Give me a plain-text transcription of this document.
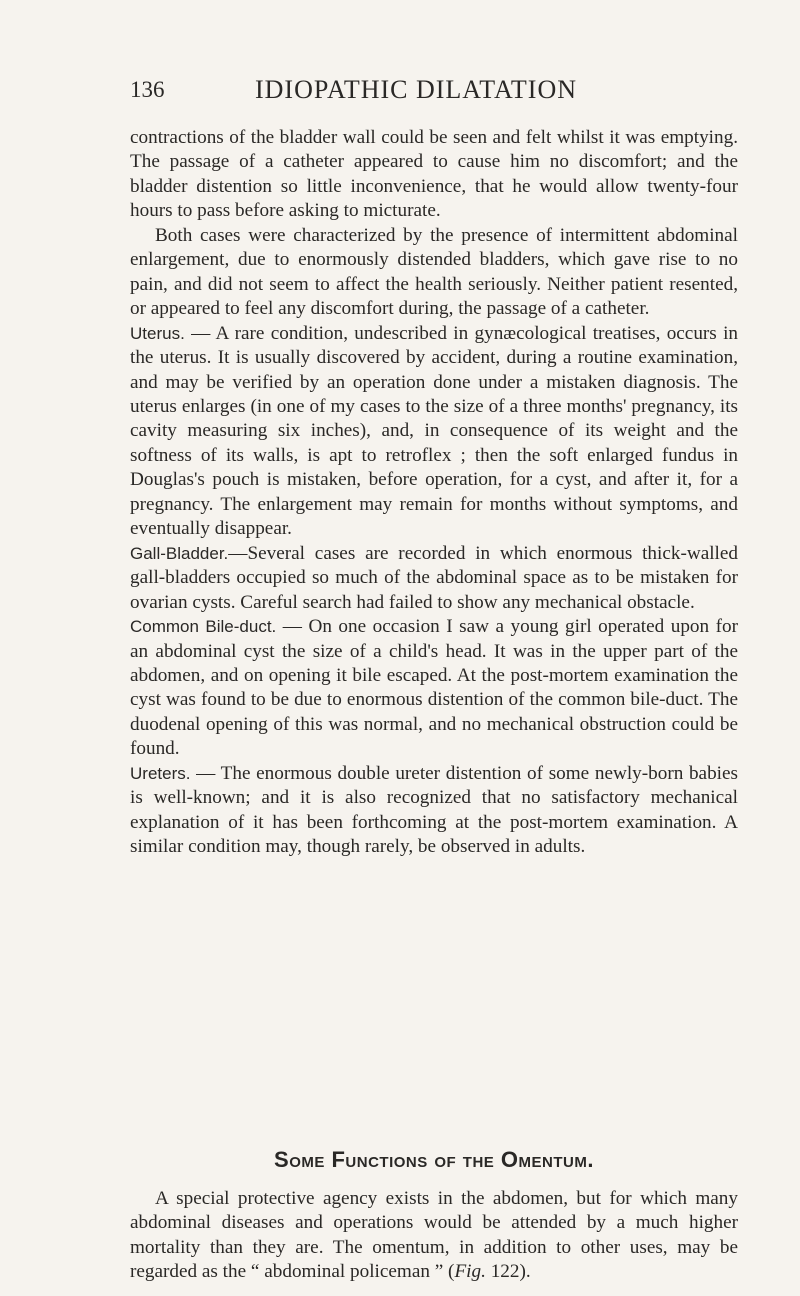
136	IDIOPATHIC DILATATION

contractions of the bladder wall could be seen and felt whilst it was emptying. The passage of a catheter appeared to cause him no discomfort; and the bladder distention so little inconvenience, that he would allow twenty-four hours to pass before asking to micturate.

Both cases were characterized by the presence of intermittent abdominal enlargement, due to enormously distended bladders, which gave rise to no pain, and did not seem to affect the health seriously. Neither patient resented, or appeared to feel any discomfort during, the passage of a catheter.

Uterus. — A rare condition, undescribed in gynæcological treatises, occurs in the uterus. It is usually discovered by accident, during a routine examination, and may be verified by an operation done under a mistaken diagnosis. The uterus enlarges (in one of my cases to the size of a three months' pregnancy, its cavity measuring six inches), and, in consequence of its weight and the softness of its walls, is apt to retroflex ; then the soft enlarged fundus in Douglas's pouch is mistaken, before operation, for a cyst, and after it, for a pregnancy. The enlargement may remain for months without symptoms, and eventually disappear.

Gall-Bladder.—Several cases are recorded in which enormous thick-walled gall-bladders occupied so much of the abdominal space as to be mistaken for ovarian cysts. Careful search had failed to show any mechanical obstacle.

Common Bile-duct. — On one occasion I saw a young girl operated upon for an abdominal cyst the size of a child's head. It was in the upper part of the abdomen, and on opening it bile escaped. At the post-mortem examination the cyst was found to be due to enormous distention of the common bile-duct. The duodenal opening of this was normal, and no mechanical obstruction could be found.

Ureters. — The enormous double ureter distention of some newly-born babies is well-known; and it is also recognized that no satisfactory mechanical explanation of it has been forthcoming at the post-mortem examination. A similar condition may, though rarely, be observed in adults.

Some Functions of the Omentum.

A special protective agency exists in the abdomen, but for which many abdominal diseases and operations would be attended by a much higher mortality than they are. The omentum, in addition to other uses, may be regarded as the “ abdominal policeman ” (Fig. 122).
